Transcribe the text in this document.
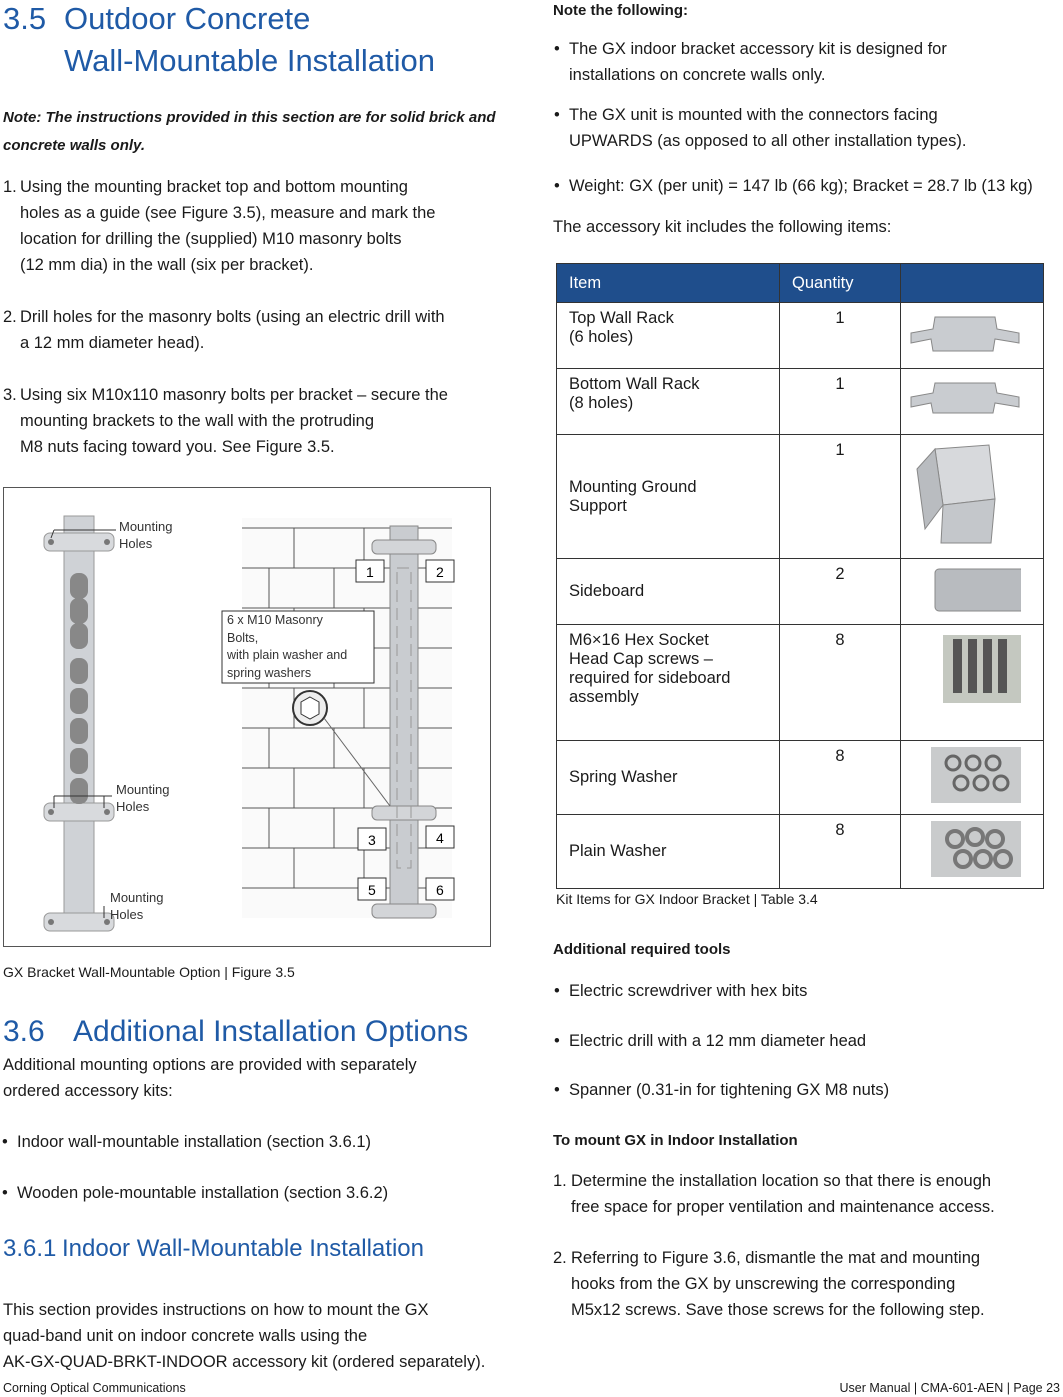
3.5 Outdoor Concrete
Wall-Mountable Installation
Note: The instructions provided in this section are for solid brick and
concrete walls only.
1. Using the mounting bracket top and bottom mounting
holes as a guide (see Figure 3.5), measure and mark the
location for drilling the (supplied) M10 masonry bolts
(12 mm dia) in the wall (six per bracket).
2. Drill holes for the masonry bolts (using an electric drill with
a 12 mm diameter head).
3. Using six M10x110 masonry bolts per bracket – secure the
mounting brackets to the wall with the protruding
M8 nuts facing toward you. See Figure 3.5.
1	2
3	4
5	6
Mounting
Holes
Mounting
Holes
Mounting
Holes
6 x M10 Masonry
Bolts,
with plain washer and
spring washers
GX Bracket Wall-Mountable Option | Figure 3.5
3.6 Additional Installation Options
Additional mounting options are provided with separately
ordered accessory kits:
• Indoor wall-mountable installation (section 3.6.1)
• Wooden pole-mountable installation (section 3.6.2)
3.6.1 Indoor Wall-Mountable Installation
This section provides instructions on how to mount the GX
quad-band unit on indoor concrete walls using the
AK-GX-QUAD-BRKT-INDOOR accessory kit (ordered separately).
Note the following:
• The GX indoor bracket accessory kit is designed for
installations on concrete walls only.
• The GX unit is mounted with the connectors facing
UPWARDS (as opposed to all other installation types).
• Weight: GX (per unit) = 147 lb (66 kg); Bracket = 28.7 lb (13 kg)
The accessory kit includes the following items:
Item	Quantity	

Top Wall Rack
(6 holes)	1	

Bottom Wall Rack
(8 holes)	1	

Mounting Ground
Support	1	

Sideboard	2	

M6×16 Hex Socket
Head Cap screws –
required for sideboard
assembly	8	

Spring Washer	8	

Plain Washer	8	
Kit Items for GX Indoor Bracket | Table 3.4
Additional required tools
• Electric screwdriver with hex bits
• Electric drill with a 12 mm diameter head
• Spanner (0.31-in for tightening GX M8 nuts)
To mount GX in Indoor Installation
1. Determine the installation location so that there is enough
free space for proper ventilation and maintenance access.
2. Referring to Figure 3.6, dismantle the mat and mounting
hooks from the GX by unscrewing the corresponding
M5x12 screws. Save those screws for the following step.
Corning Optical Communications	User Manual | CMA-601-AEN | Page 23
